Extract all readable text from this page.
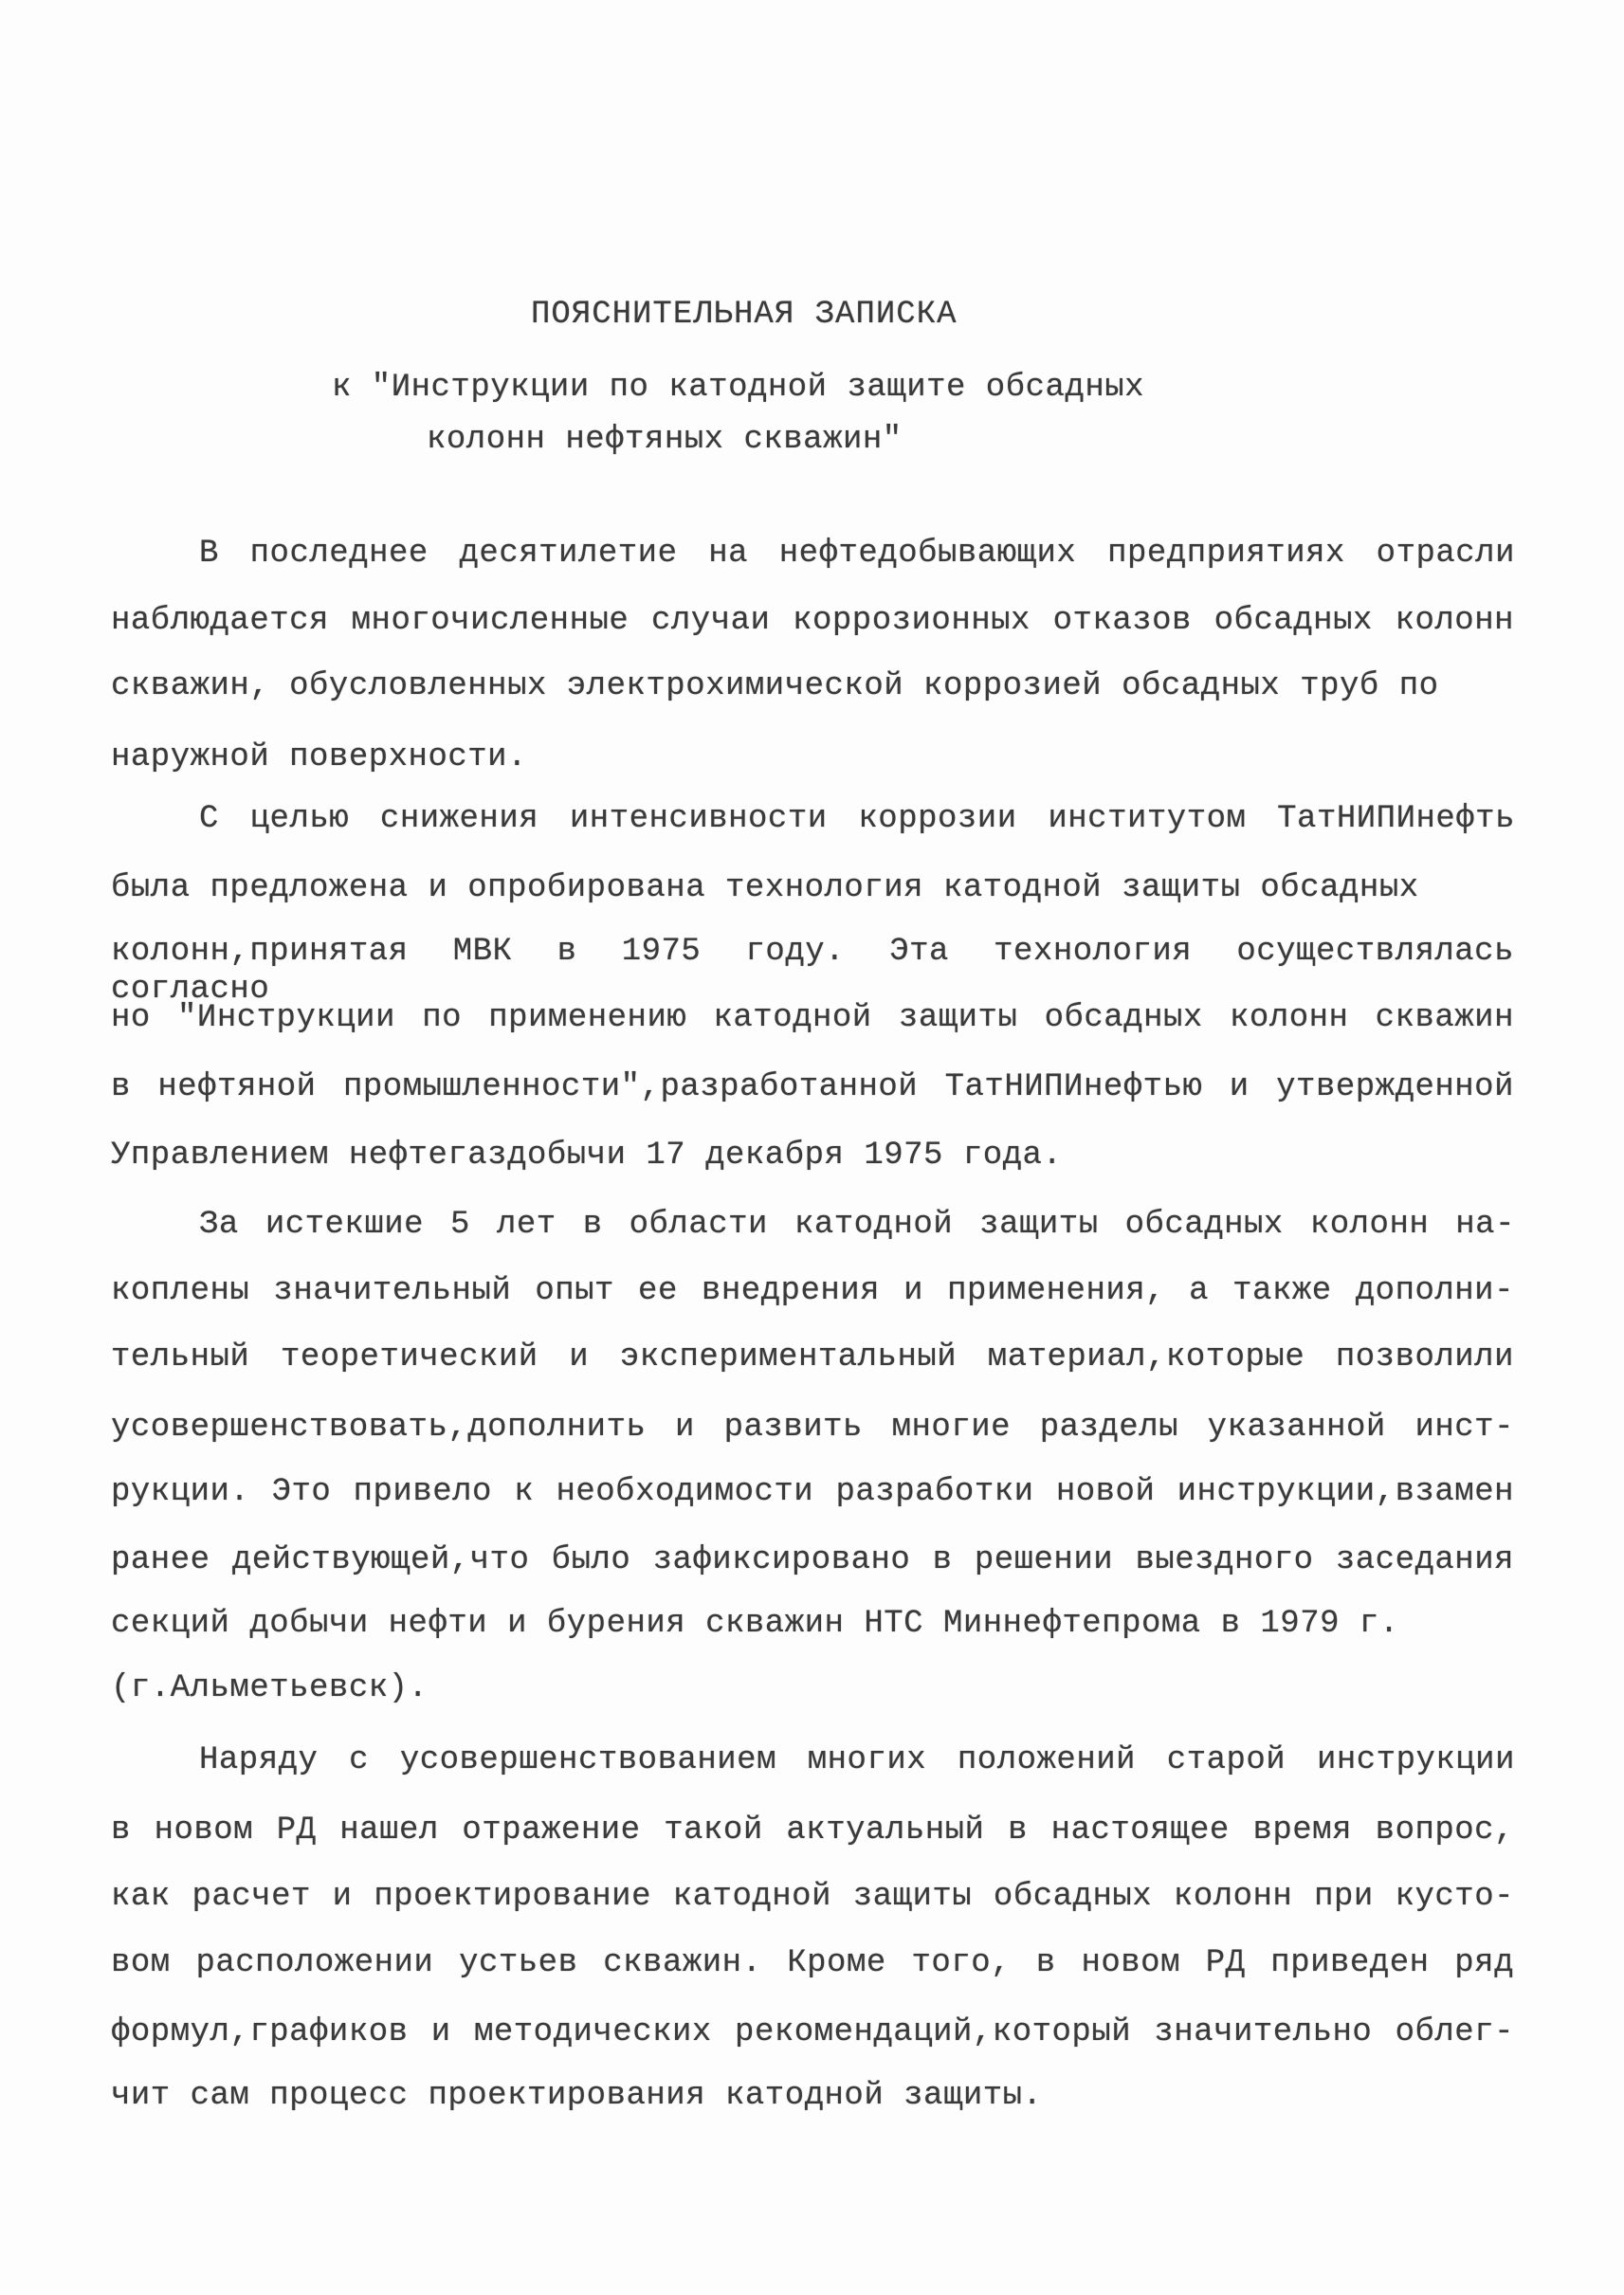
ПОЯСНИТЕЛЬНАЯ ЗАПИСКА
к "Инструкции по катодной защите обсадных
колонн нефтяных скважин"
В последнее десятилетие на нефтедобывающих предприятиях отрасли
наблюдается многочисленные случаи коррозионных отказов обсадных колонн
скважин, обусловленных электрохимической коррозией обсадных труб по
наружной поверхности.
С целью снижения интенсивности коррозии институтом ТатНИПИнефть
была предложена и опробирована технология катодной защиты обсадных
колонн,принятая МВК в 1975 году. Эта технология осуществлялась согласно
но "Инструкции по применению катодной защиты обсадных колонн скважин
в нефтяной промышленности",разработанной ТатНИПИнефтью и утвержденной
Управлением нефтегаздобычи 17 декабря 1975 года.
За истекшие 5 лет в области катодной защиты обсадных колонн на-
коплены значительный опыт ее внедрения и применения, а также дополни-
тельный теоретический и экспериментальный материал,которые позволили
усовершенствовать,дополнить и развить многие разделы указанной инст-
рукции. Это привело к необходимости разработки новой инструкции,взамен
ранее действующей,что было зафиксировано в решении выездного заседания
секций добычи нефти и бурения скважин НТС Миннефтепрома в 1979 г.
(г.Альметьевск).
Наряду с усовершенствованием многих положений старой инструкции
в новом РД нашел отражение такой актуальный в настоящее время вопрос,
как расчет и проектирование катодной защиты обсадных колонн при кусто-
вом расположении устьев скважин. Кроме того, в новом РД приведен ряд
формул,графиков и методических рекомендаций,который значительно облег-
чит сам процесс проектирования катодной защиты.
